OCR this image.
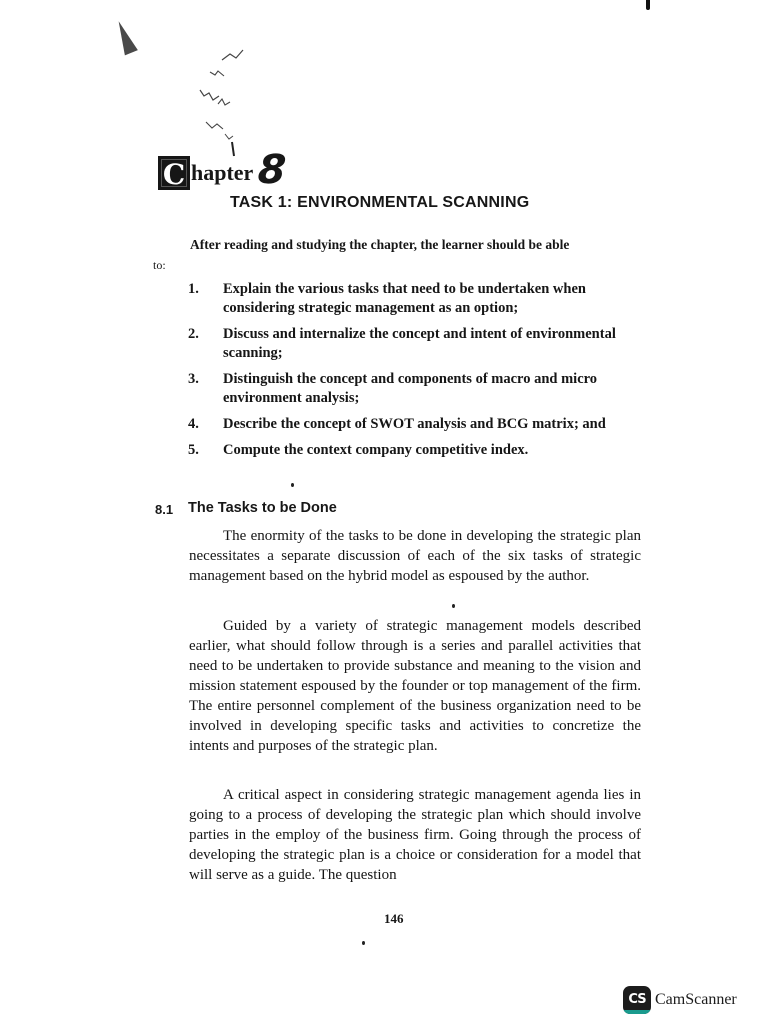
C hapter 8
TASK 1: ENVIRONMENTAL SCANNING
After reading and studying the chapter, the learner should be able
to:
1.	Explain the various tasks that need to be undertaken when considering strategic management as an option;
2.	Discuss and internalize the concept and intent of environmental scanning;
3.	Distinguish the concept and components of macro and micro environment analysis;
4.	Describe the concept of SWOT analysis and BCG matrix; and
5.	Compute the context company competitive index.
8.1 The Tasks to be Done

The enormity of the tasks to be done in developing the strategic plan necessitates a separate discussion of each of the six tasks of strategic management based on the hybrid model as espoused by the author.

Guided by a variety of strategic management models described earlier, what should follow through is a series and parallel activities that need to be undertaken to provide substance and meaning to the vision and mission statement espoused by the founder or top management of the firm. The entire personnel complement of the business organization need to be involved in developing specific tasks and activities to concretize the intents and purposes of the strategic plan.

A critical aspect in considering strategic management agenda lies in going to a process of developing the strategic plan which should involve parties in the employ of the business firm. Going through the process of developing the strategic plan is a choice or consideration for a model that will serve as a guide. The question

146
CS CamScanner
